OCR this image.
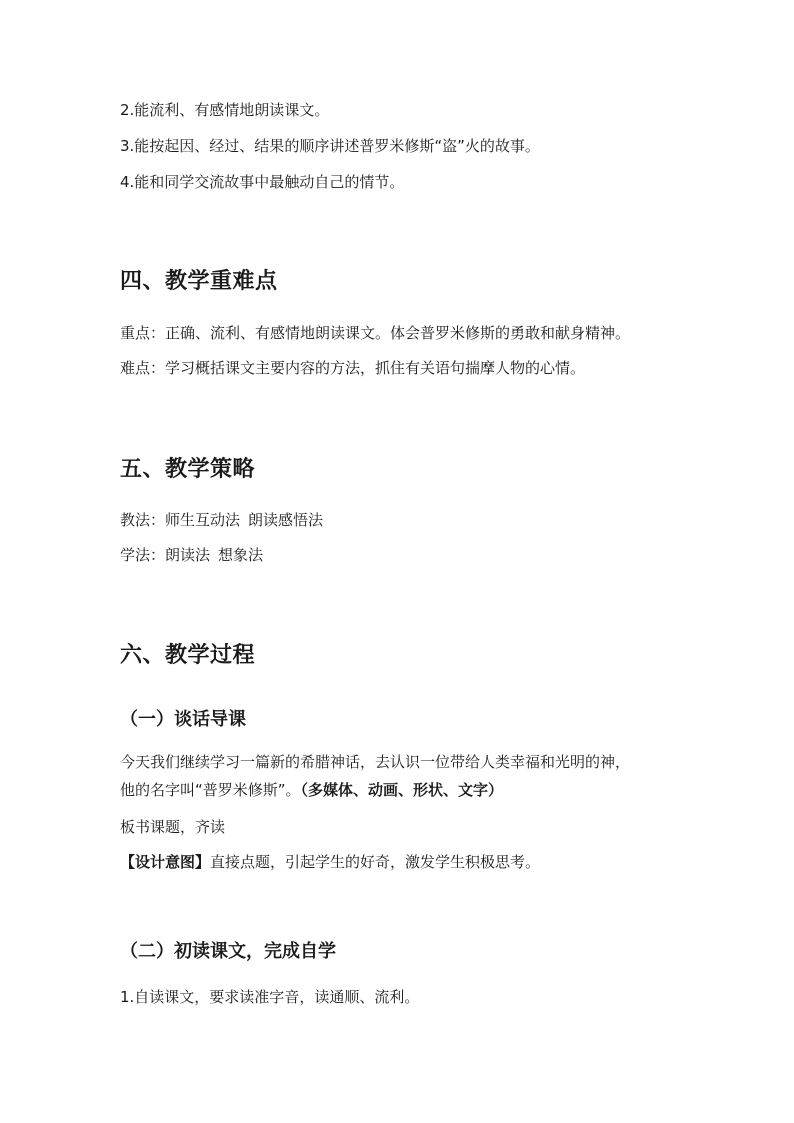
2.能流利、有感情地朗读课文。
3.能按起因、经过、结果的顺序讲述普罗米修斯“盗”火的故事。
4.能和同学交流故事中最触动自己的情节。
四、教学重难点
重点：正确、流利、有感情地朗读课文。体会普罗米修斯的勇敢和献身精神。
难点：学习概括课文主要内容的方法，抓住有关语句揣摩人物的心情。
五、教学策略
教法：师生互动法 朗读感悟法
学法：朗读法 想象法
六、教学过程
（一）谈话导课
今天我们继续学习一篇新的希腊神话，去认识一位带给人类幸福和光明的神，
他的名字叫“普罗米修斯”。（多媒体、动画、形状、文字）
板书课题，齐读
【设计意图】直接点题，引起学生的好奇，激发学生积极思考。
（二）初读课文，完成自学
1.自读课文，要求读准字音，读通顺、流利。
